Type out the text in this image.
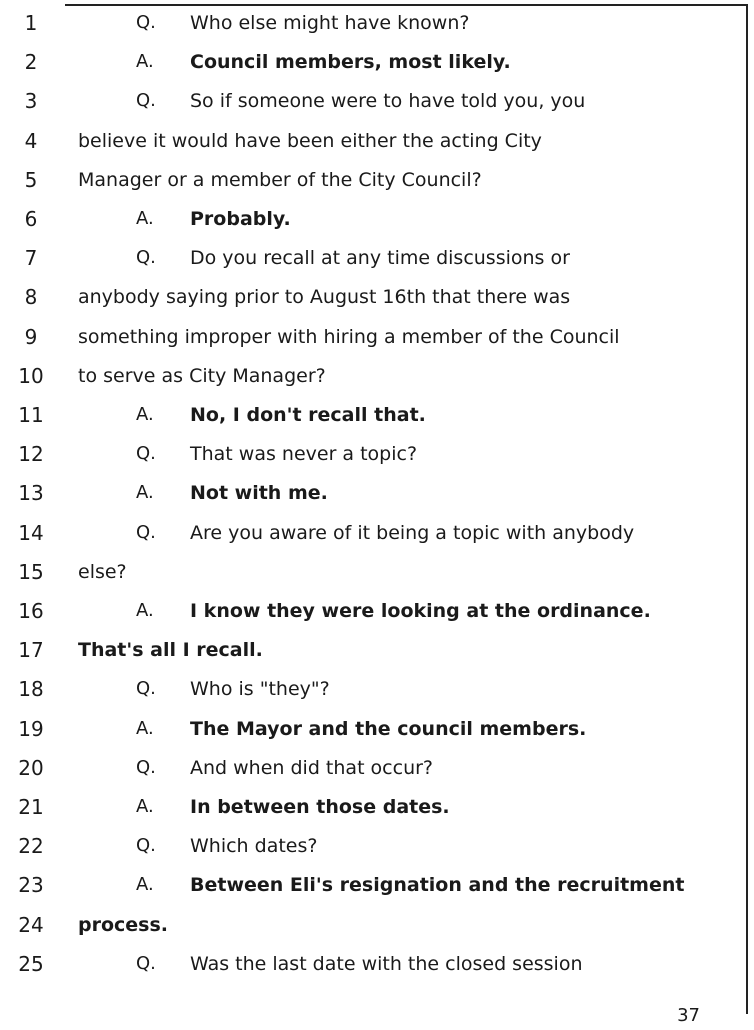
1	Q.	Who else might have known?
2	A.	Council members, most likely.
3	Q.	So if someone were to have told you, you
4	believe it would have been either the acting City
5	Manager or a member of the City Council?
6	A.	Probably.
7	Q.	Do you recall at any time discussions or
8	anybody saying prior to August 16th that there was
9	something improper with hiring a member of the Council
10 to serve as City Manager?
11	A.	No, I don't recall that.
12	Q.	That was never a topic?
13	A.	Not with me.
14	Q.	Are you aware of it being a topic with anybody
15 else?
16	A.	I know they were looking at the ordinance.
17 That's all I recall.
18	Q.	Who is "they"?
19	A.	The Mayor and the council members.
20	Q.	And when did that occur?
21	A.	In between those dates.
22	Q.	Which dates?
23	A.	Between Eli's resignation and the recruitment
24 process.
25	Q.	Was the last date with the closed session
37
